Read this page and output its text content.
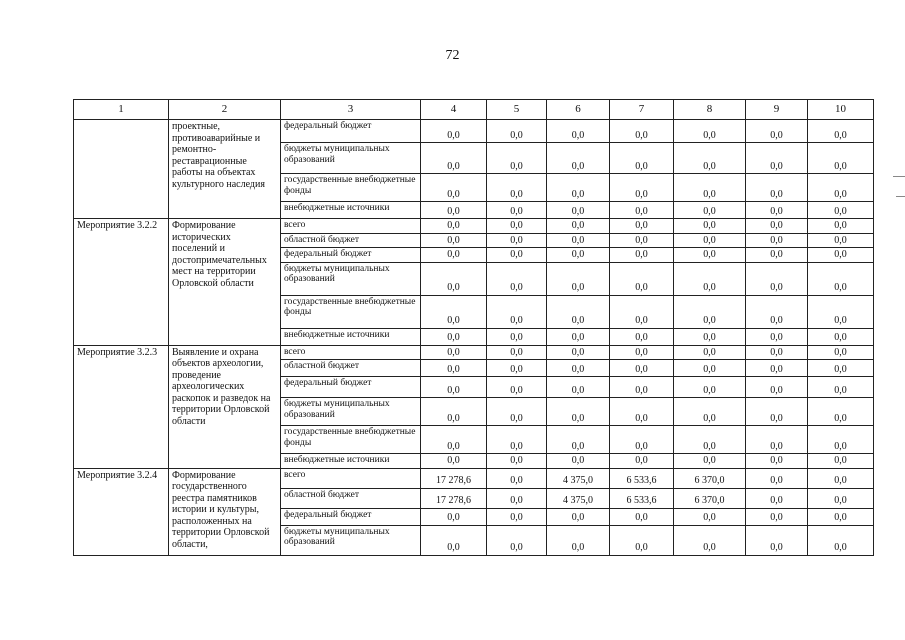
72
1	2	3	4	5	6	7	8	9	10
	проектные, противоаварийные и ремонтно-реставрационные работы на объектах культурного наследия	федеральный бюджет	0,0	0,0	0,0	0,0	0,0	0,0	0,0
		бюджеты муниципальных образований	0,0	0,0	0,0	0,0	0,0	0,0	0,0
		государственные внебюджетные фонды	0,0	0,0	0,0	0,0	0,0	0,0	0,0
		внебюджетные источники	0,0	0,0	0,0	0,0	0,0	0,0	0,0
Мероприятие 3.2.2	Формирование исторических поселений и достопримечательных мест на территории Орловской области	всего	0,0	0,0	0,0	0,0	0,0	0,0	0,0
		областной бюджет	0,0	0,0	0,0	0,0	0,0	0,0	0,0
		федеральный бюджет	0,0	0,0	0,0	0,0	0,0	0,0	0,0
		бюджеты муниципальных образований	0,0	0,0	0,0	0,0	0,0	0,0	0,0
		государственные внебюджетные фонды	0,0	0,0	0,0	0,0	0,0	0,0	0,0
		внебюджетные источники	0,0	0,0	0,0	0,0	0,0	0,0	0,0
Мероприятие 3.2.3	Выявление и охрана объектов археологии, проведение археологических раскопок и разведок на территории Орловской области	всего	0,0	0,0	0,0	0,0	0,0	0,0	0,0
		областной бюджет	0,0	0,0	0,0	0,0	0,0	0,0	0,0
		федеральный бюджет	0,0	0,0	0,0	0,0	0,0	0,0	0,0
		бюджеты муниципальных образований	0,0	0,0	0,0	0,0	0,0	0,0	0,0
		государственные внебюджетные фонды	0,0	0,0	0,0	0,0	0,0	0,0	0,0
		внебюджетные источники	0,0	0,0	0,0	0,0	0,0	0,0	0,0
Мероприятие 3.2.4	Формирование государственного реестра памятников истории и культуры, расположенных на территории Орловской области,	всего	17 278,6	0,0	4 375,0	6 533,6	6 370,0	0,0	0,0
		областной бюджет	17 278,6	0,0	4 375,0	6 533,6	6 370,0	0,0	0,0
		федеральный бюджет	0,0	0,0	0,0	0,0	0,0	0,0	0,0
		бюджеты муниципальных образований	0,0	0,0	0,0	0,0	0,0	0,0	0,0
